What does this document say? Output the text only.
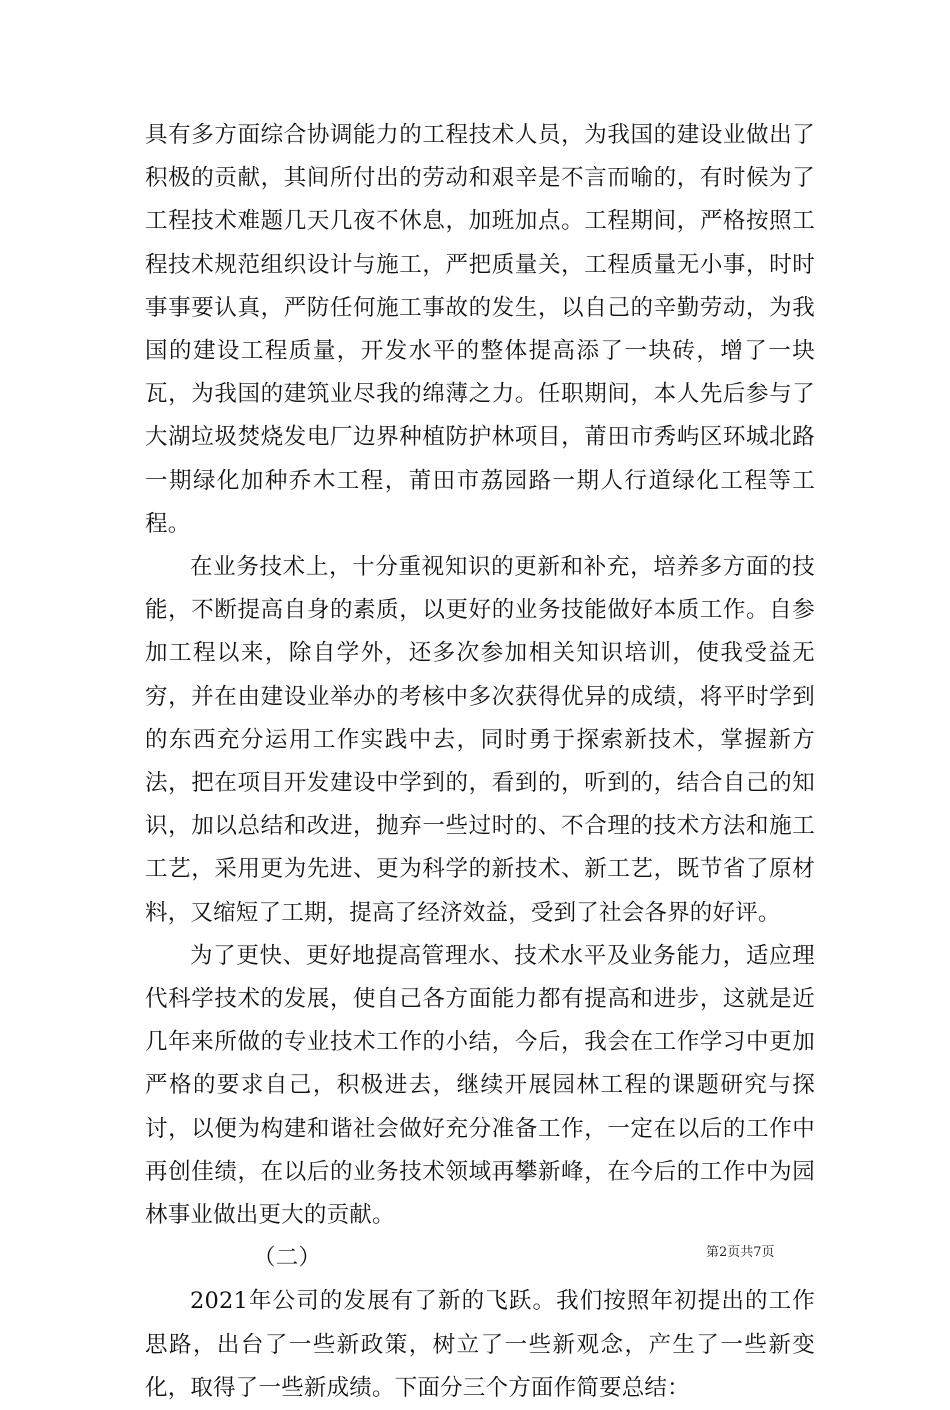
具有多方面综合协调能力的工程技术人员，为我国的建设业做出了积极的贡献，其间所付出的劳动和艰辛是不言而喻的，有时候为了工程技术难题几天几夜不休息，加班加点。工程期间，严格按照工程技术规范组织设计与施工，严把质量关，工程质量无小事，时时事事要认真，严防任何施工事故的发生，以自己的辛勤劳动，为我国的建设工程质量，开发水平的整体提高添了一块砖，增了一块瓦，为我国的建筑业尽我的绵薄之力。任职期间，本人先后参与了大湖垃圾焚烧发电厂边界种植防护林项目，莆田市秀屿区环城北路一期绿化加种乔木工程，莆田市荔园路一期人行道绿化工程等工程。

在业务技术上，十分重视知识的更新和补充，培养多方面的技能，不断提高自身的素质，以更好的业务技能做好本质工作。自参加工程以来，除自学外，还多次参加相关知识培训，使我受益无穷，并在由建设业举办的考核中多次获得优异的成绩，将平时学到的东西充分运用工作实践中去，同时勇于探索新技术，掌握新方法，把在项目开发建设中学到的，看到的，听到的，结合自己的知识，加以总结和改进，抛弃一些过时的、不合理的技术方法和施工工艺，采用更为先进、更为科学的新技术、新工艺，既节省了原材料，又缩短了工期，提高了经济效益，受到了社会各界的好评。

为了更快、更好地提高管理水、技术水平及业务能力，适应理代科学技术的发展，使自己各方面能力都有提高和进步，这就是近几年来所做的专业技术工作的小结，今后，我会在工作学习中更加严格的要求自己，积极进去，继续开展园林工程的课题研究与探讨，以便为构建和谐社会做好充分准备工作，一定在以后的工作中再创佳绩，在以后的业务技术领域再攀新峰，在今后的工作中为园林事业做出更大的贡献。

（二）

2021年公司的发展有了新的飞跃。我们按照年初提出的工作思路，出台了一些新政策，树立了一些新观念，产生了一些新变化，取得了一些新成绩。下面分三个方面作简要总结：

第2页共7页
